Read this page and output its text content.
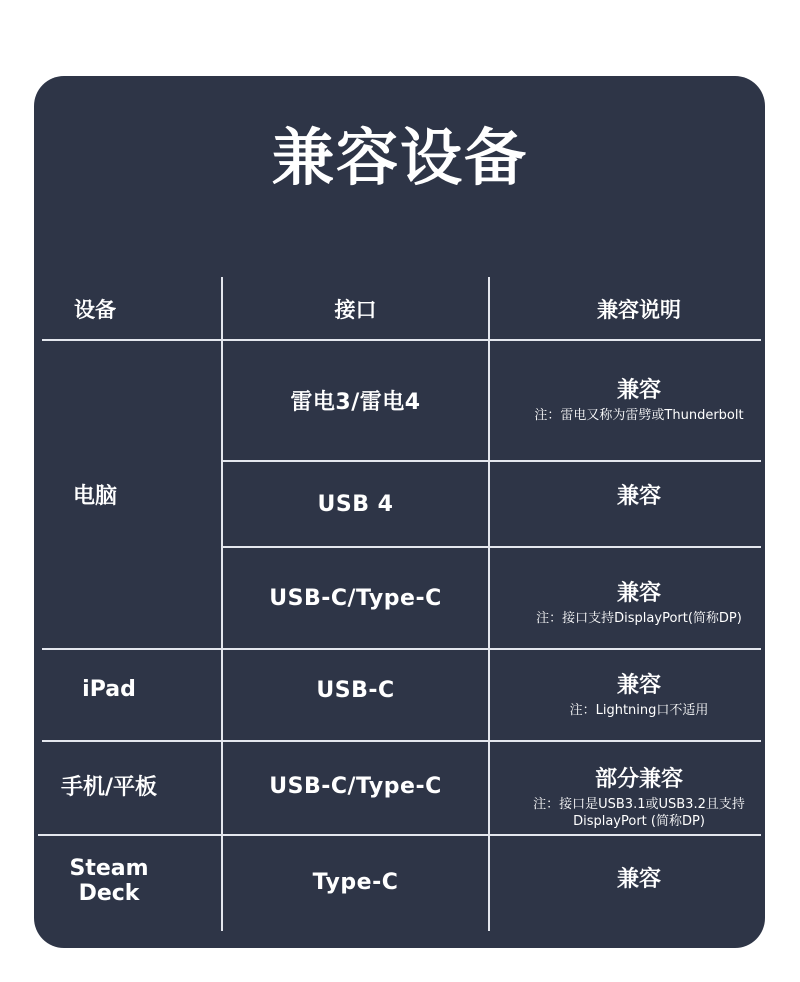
兼容设备
设备	接口	兼容说明
电脑
雷电3/雷电4	兼容
注：雷电又称为雷劈或Thunderbolt
USB 4	兼容
USB-C/Type-C	兼容
注：接口支持DisplayPort(简称DP)
iPad	USB-C	兼容
注：Lightning口不适用
手机/平板	USB-C/Type-C	部分兼容
注：接口是USB3.1或USB3.2且支持
DisplayPort (简称DP)
Steam Deck	Type-C	兼容
